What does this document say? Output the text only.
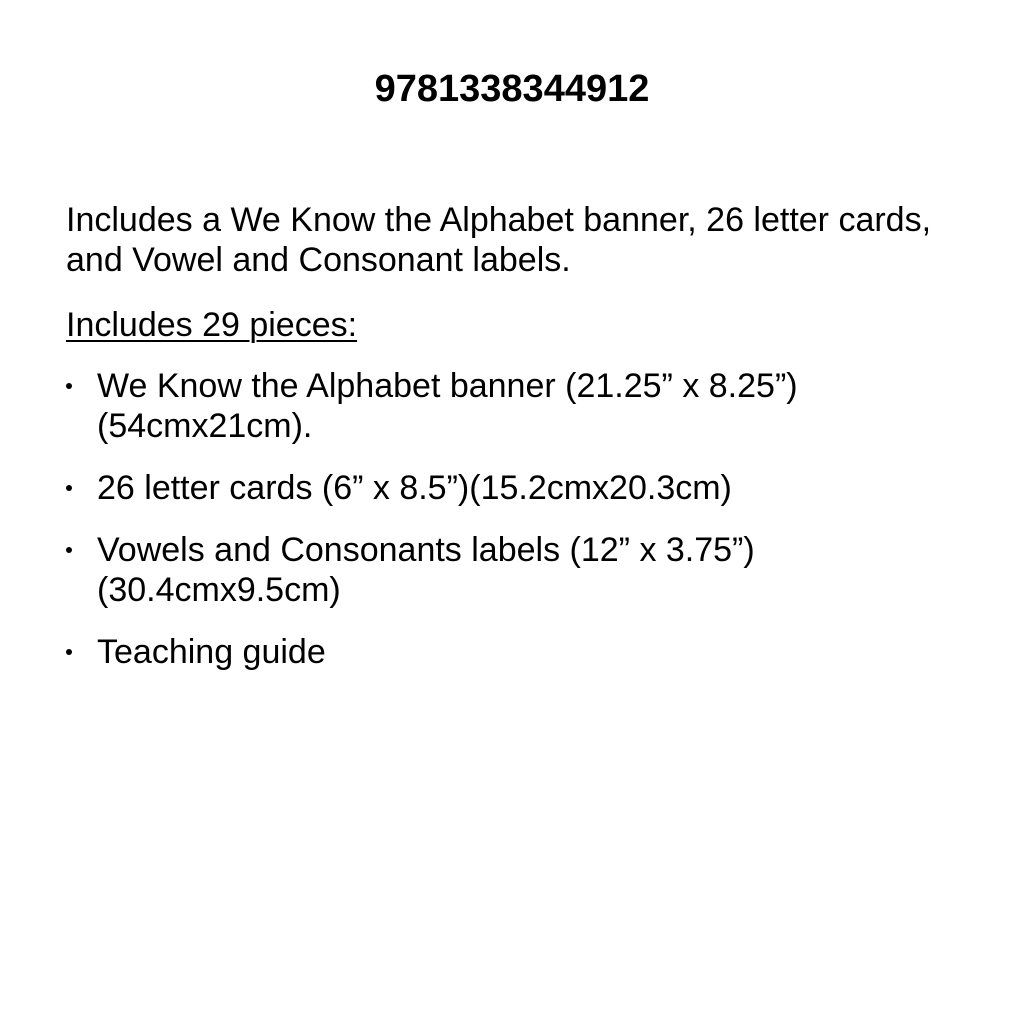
9781338344912

Includes a We Know the Alphabet banner, 26 letter cards, and Vowel and Consonant labels.

Includes 29 pieces:

We Know the Alphabet banner (21.25” x 8.25”)
(54cmx21cm).
26 letter cards (6” x 8.5”)(15.2cmx20.3cm)
Vowels and Consonants labels (12” x 3.75”)
(30.4cmx9.5cm)
Teaching guide
